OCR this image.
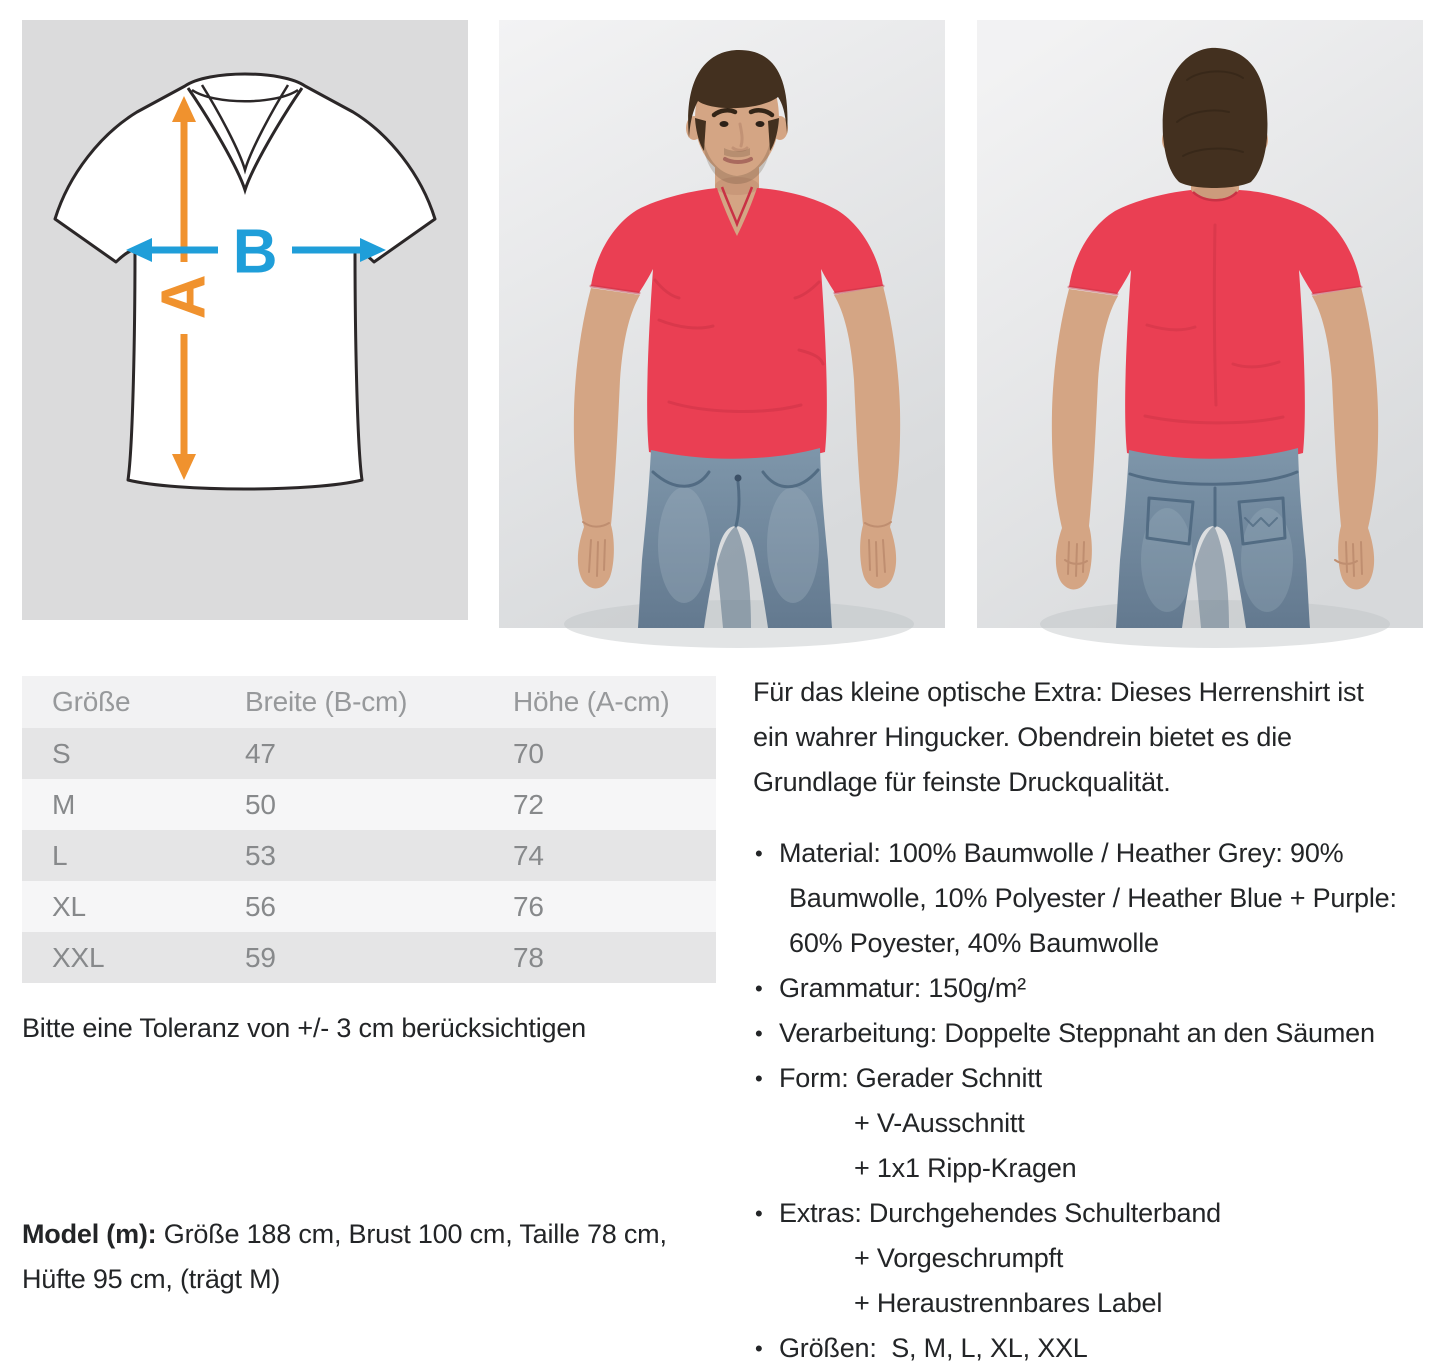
A
B
Größe	Breite (B-cm)	Höhe (A-cm)
S	47	70
M	50	72
L	53	74
XL	56	76
XXL	59	78

Bitte eine Toleranz von +/- 3 cm berücksichtigen

Model (m): Größe 188 cm, Brust 100 cm, Taille 78 cm,
Hüfte 95 cm, (trägt M)

Für das kleine optische Extra: Dieses Herrenshirt ist
ein wahrer Hingucker. Obendrein bietet es die
Grundlage für feinste Druckqualität.

• Material: 100% Baumwolle / Heather Grey: 90%
Baumwolle, 10% Polyester / Heather Blue + Purple:
60% Poyester, 40% Baumwolle
• Grammatur: 150g/m²
• Verarbeitung: Doppelte Steppnaht an den Säumen
• Form: Gerader Schnitt
+ V-Ausschnitt
+ 1x1 Ripp-Kragen
• Extras: Durchgehendes Schulterband
+ Vorgeschrumpft
+ Heraustrennbares Label
• Größen:  S, M, L, XL, XXL
